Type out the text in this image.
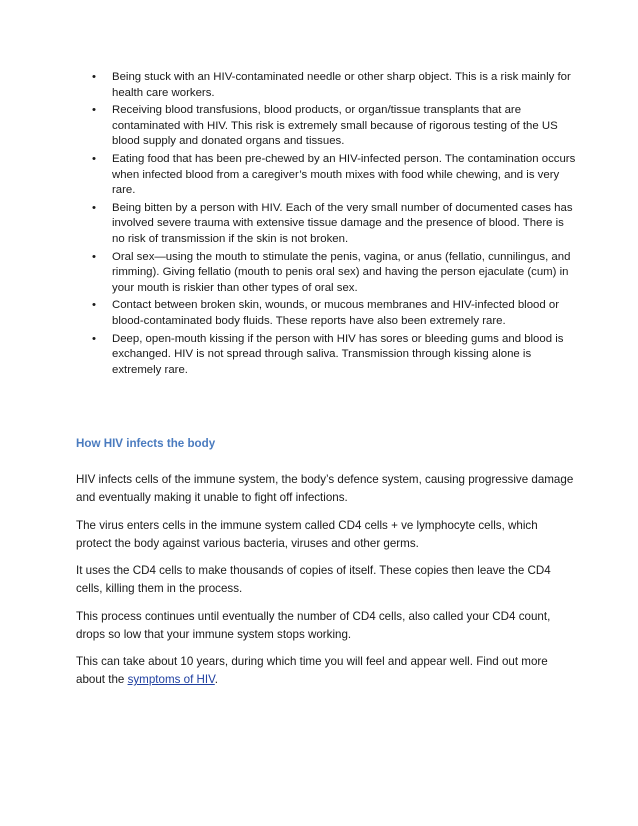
• Being stuck with an HIV-contaminated needle or other sharp object. This is a risk mainly for health care workers.
• Receiving blood transfusions, blood products, or organ/tissue transplants that are contaminated with HIV. This risk is extremely small because of rigorous testing of the US blood supply and donated organs and tissues.
• Eating food that has been pre-chewed by an HIV-infected person. The contamination occurs when infected blood from a caregiver’s mouth mixes with food while chewing, and is very rare.
• Being bitten by a person with HIV. Each of the very small number of documented cases has involved severe trauma with extensive tissue damage and the presence of blood. There is no risk of transmission if the skin is not broken.
• Oral sex—using the mouth to stimulate the penis, vagina, or anus (fellatio, cunnilingus, and rimming). Giving fellatio (mouth to penis oral sex) and having the person ejaculate (cum) in your mouth is riskier than other types of oral sex.
• Contact between broken skin, wounds, or mucous membranes and HIV-infected blood or blood-contaminated body fluids. These reports have also been extremely rare.
• Deep, open-mouth kissing if the person with HIV has sores or bleeding gums and blood is exchanged. HIV is not spread through saliva. Transmission through kissing alone is extremely rare.
How HIV infects the body

HIV infects cells of the immune system, the body’s defence system, causing progressive damage and eventually making it unable to fight off infections.

The virus enters cells in the immune system called CD4 cells + ve lymphocyte cells, which protect the body against various bacteria, viruses and other germs.

It uses the CD4 cells to make thousands of copies of itself. These copies then leave the CD4 cells, killing them in the process.

This process continues until eventually the number of CD4 cells, also called your CD4 count, drops so low that your immune system stops working.

This can take about 10 years, during which time you will feel and appear well. Find out more about the symptoms of HIV.
